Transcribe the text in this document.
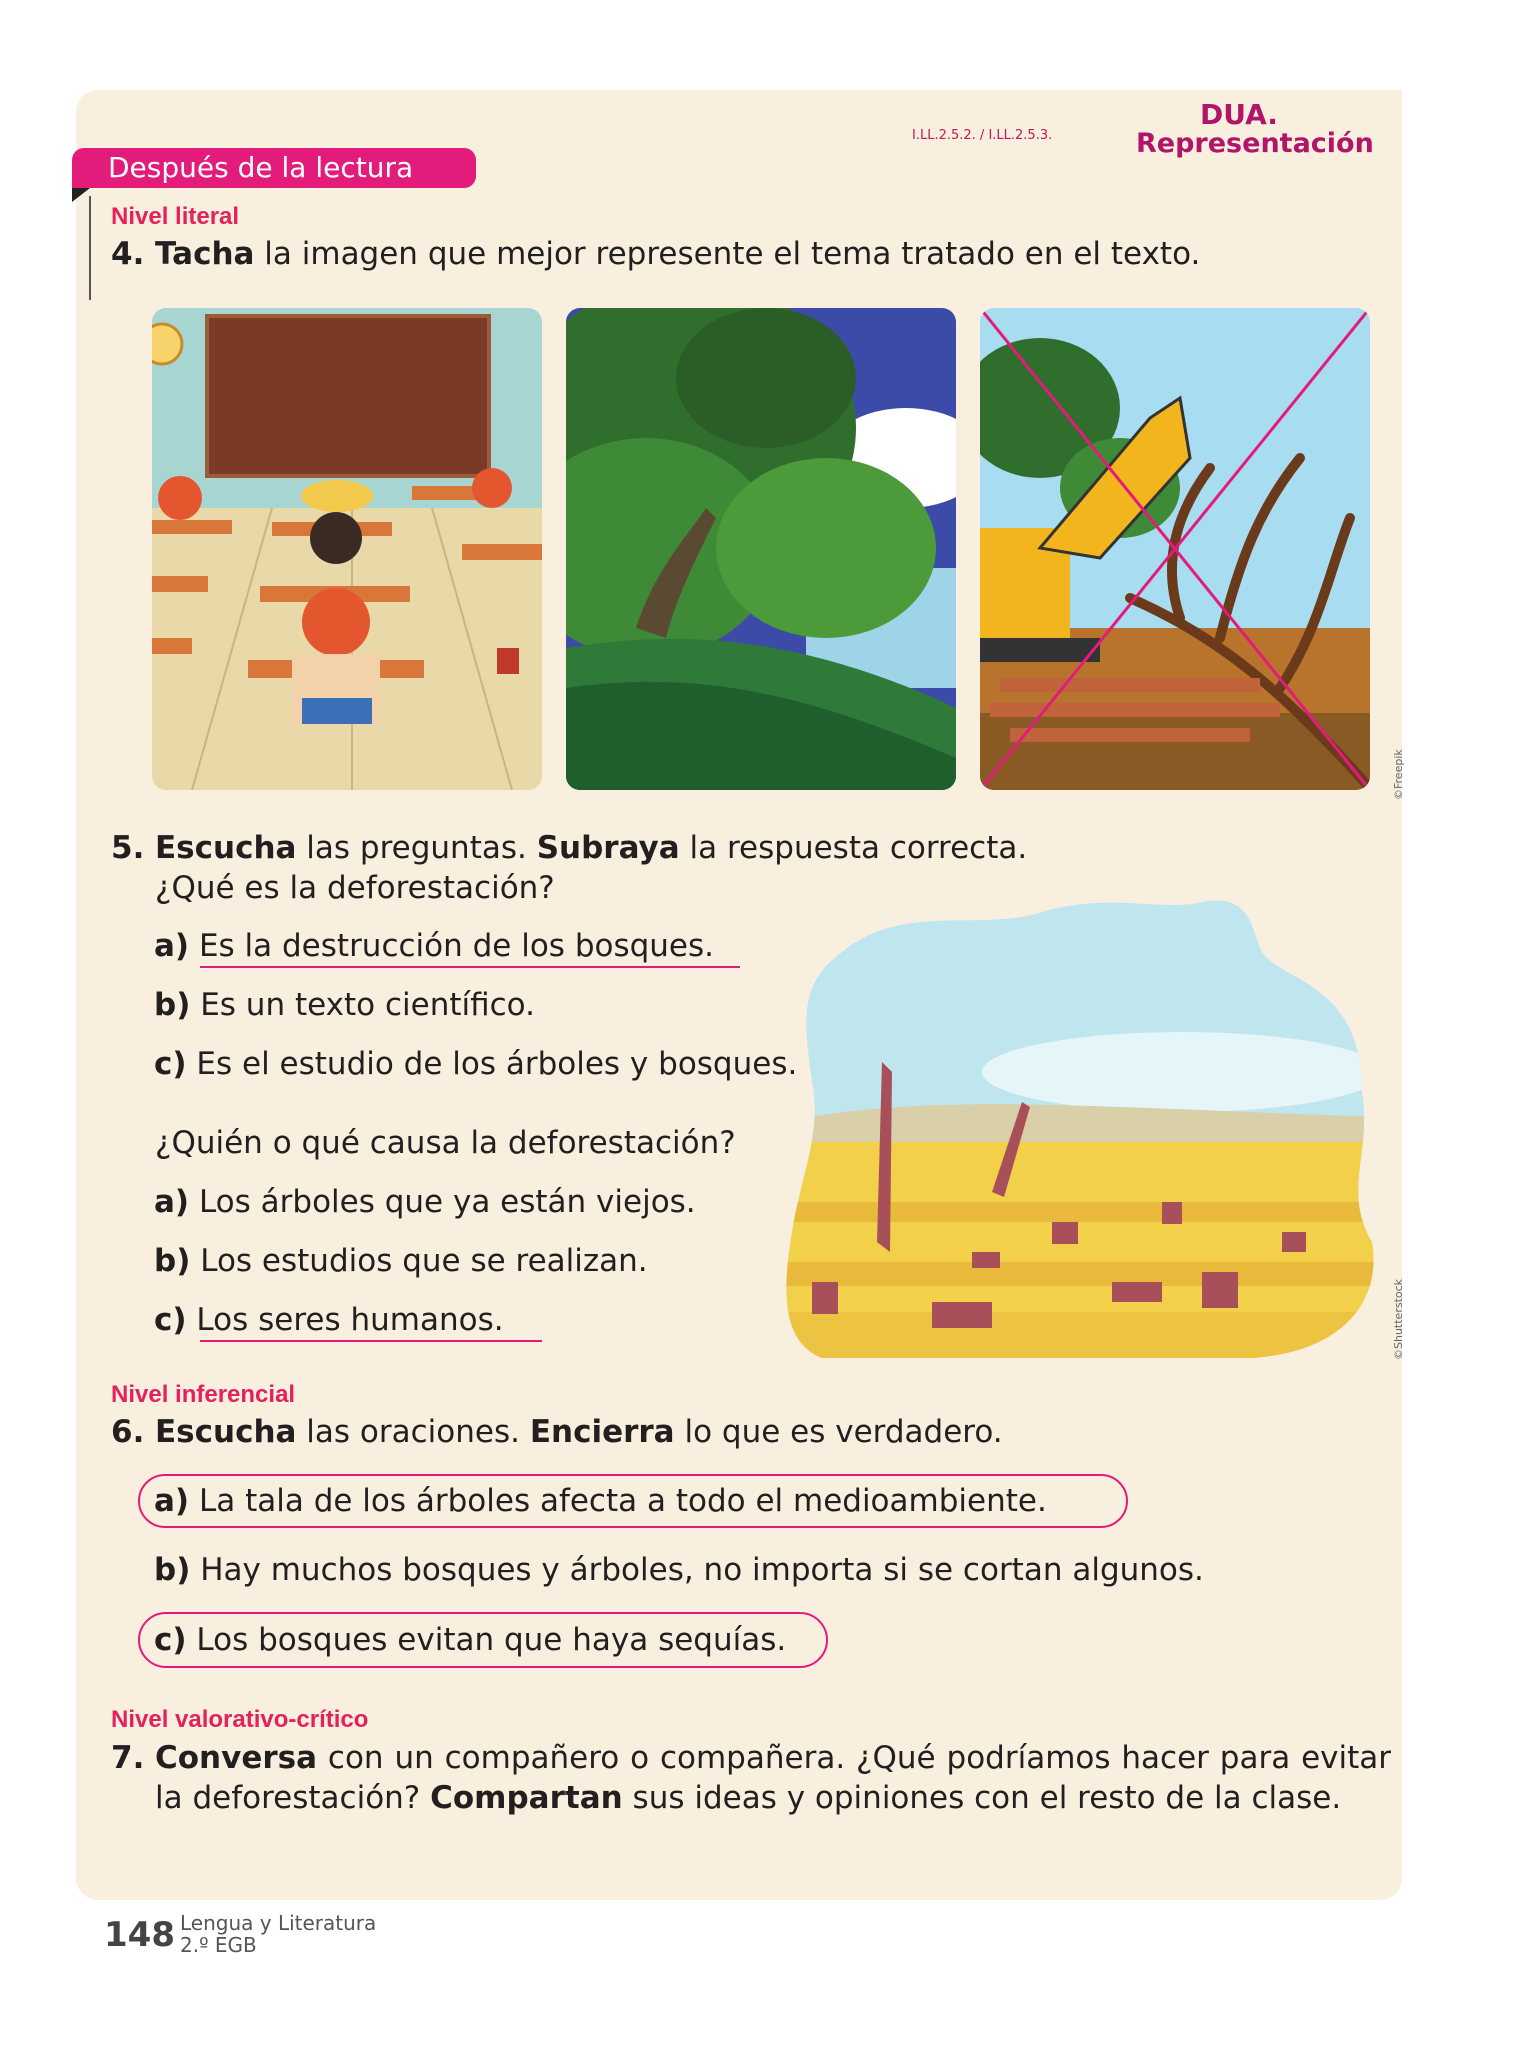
DUA.
Representación
I.LL.2.5.2. / I.LL.2.5.3.
Después de la lectura
Nivel literal
4. Tacha la imagen que mejor represente el tema tratado en el texto.
©Freepik
5. Escucha las preguntas. Subraya la respuesta correcta.
¿Qué es la deforestación?
a) Es la destrucción de los bosques.
b) Es un texto científico.
c) Es el estudio de los árboles y bosques.
¿Quién o qué causa la deforestación?
a) Los árboles que ya están viejos.
b) Los estudios que se realizan.
c) Los seres humanos.	©Shutterstock
Nivel inferencial
6. Escucha las oraciones. Encierra lo que es verdadero.
a) La tala de los árboles afecta a todo el medioambiente.
b) Hay muchos bosques y árboles, no importa si se cortan algunos.
c) Los bosques evitan que haya sequías.
Nivel valorativo-crítico
7. Conversa con un compañero o compañera. ¿Qué podríamos hacer para evitar la deforestación? Compartan sus ideas y opiniones con el resto de la clase.
148 Lengua y Literatura
2.º EGB
